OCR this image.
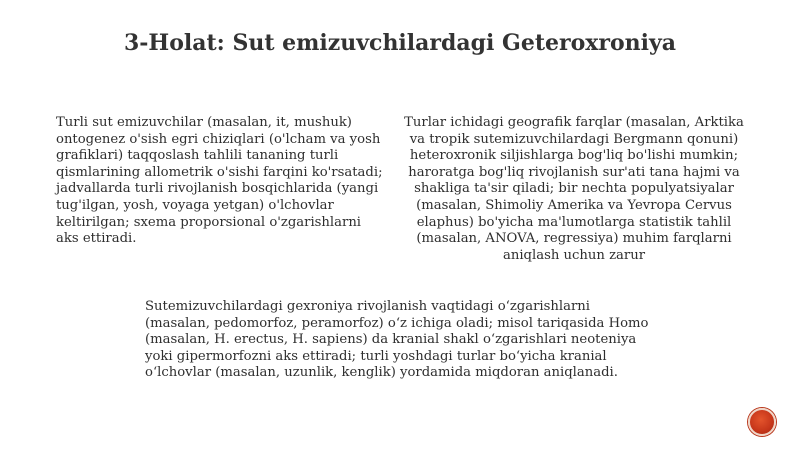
3-Holat: Sut emizuvchilardagi Geteroxroniya

Turli sut emizuvchilar (masalan, it, mushuk) ontogenez o'sish egri chiziqlari (o'lcham va yosh grafiklari) taqqoslash tahlili tananing turli qismlarining allometrik o'sishi farqini ko'rsatadi; jadvallarda turli rivojlanish bosqichlarida (yangi tug'ilgan, yosh, voyaga yetgan) o'lchovlar keltirilgan; sxema proporsional o'zgarishlarni aks ettiradi.

Turlar ichidagi geografik farqlar (masalan, Arktika va tropik sutemizuvchilardagi Bergmann qonuni) heteroxronik siljishlarga bog'liq bo'lishi mumkin; haroratga bog'liq rivojlanish sur'ati tana hajmi va shakliga ta'sir qiladi; bir nechta populyatsiyalar (masalan, Shimoliy Amerika va Yevropa Cervus elaphus) bo'yicha ma'lumotlarga statistik tahlil (masalan, ANOVA, regressiya) muhim farqlarni aniqlash uchun zarur

Sutemizuvchilardagi gexroniya rivojlanish vaqtidagi o‘zgarishlarni (masalan, pedomorfoz, peramorfoz) o‘z ichiga oladi; misol tariqasida Homo (masalan, H. erectus, H. sapiens) da kranial shakl o‘zgarishlari neoteniya yoki gipermorfozni aks ettiradi; turli yoshdagi turlar bo‘yicha kranial o‘lchovlar (masalan, uzunlik, kenglik) yordamida miqdoran aniqlanadi.
